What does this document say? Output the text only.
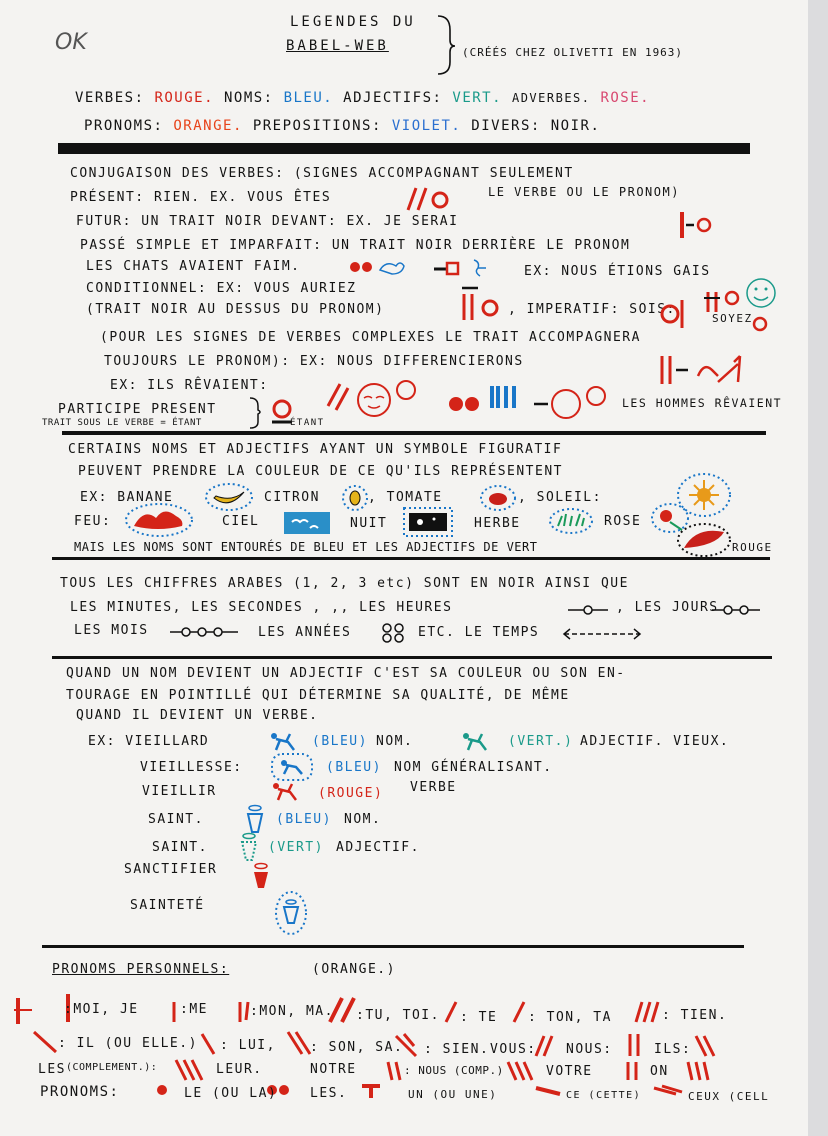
OK
LEGENDES DU
BABEL-WEB	(CRÉÉS CHEZ OLIVETTI EN 1963)
VERBES: ROUGE. NOMS: BLEU. ADJECTIFS: VERT. ADVERBES. ROSE.
PRONOMS: ORANGE. PREPOSITIONS: VIOLET. DIVERS: NOIR.
CONJUGAISON DES VERBES: (SIGNES ACCOMPAGNANT SEULEMENT
PRÉSENT: RIEN. EX. VOUS ÊTES	LE VERBE OU LE PRONOM)
FUTUR: UN TRAIT NOIR DEVANT: EX. JE SERAI
PASSÉ SIMPLE ET IMPARFAIT: UN TRAIT NOIR DERRIÈRE LE PRONOM
LES CHATS AVAIENT FAIM.	EX: NOUS ÉTIONS GAIS
CONDITIONNEL: EX: VOUS AURIEZ
(TRAIT NOIR AU DESSUS DU PRONOM)	, IMPERATIF: SOIS:
SOYEZ
(POUR LES SIGNES DE VERBES COMPLEXES LE TRAIT ACCOMPAGNERA
TOUJOURS LE PRONOM): EX: NOUS DIFFERENCIERONS
EX: ILS RÊVAIENT:
LES HOMMES RÊVAIENT
PARTICIPE PRESENT
TRAIT SOUS LE VERBE = ÉTANT	ÉTANT
CERTAINS NOMS ET ADJECTIFS AYANT UN SYMBOLE FIGURATIF
PEUVENT PRENDRE LA COULEUR DE CE QU'ILS REPRÉSENTENT
EX: BANANE	CITRON	, TOMATE	, SOLEIL:
FEU:	CIEL	NUIT	HERBE	ROSE
ROUGE
MAIS LES NOMS SONT ENTOURÉS DE BLEU ET LES ADJECTIFS DE VERT
TOUS LES CHIFFRES ARABES (1, 2, 3 etc) SONT EN NOIR AINSI QUE
LES MINUTES, LES SECONDES , ,, LES HEURES	, LES JOURS
LES MOIS	LES ANNÉES	ETC. LE TEMPS
QUAND UN NOM DEVIENT UN ADJECTIF C'EST SA COULEUR OU SON EN-
TOURAGE EN POINTILLÉ QUI DÉTERMINE SA QUALITÉ, DE MÊME
QUAND IL DEVIENT UN VERBE.
EX: VIEILLARD	(BLEU) NOM.	(VERT.) ADJECTIF. VIEUX.
VIEILLESSE:	(BLEU) NOM GÉNÉRALISANT.
VIEILLIR	(ROUGE) VERBE
SAINT.	(BLEU) NOM.
SAINT.	(VERT) ADJECTIF.
SANCTIFIER
SAINTETÉ
PRONOMS PERSONNELS:	(ORANGE.)
:MOI, JE	:ME	:MON, MA. :TU, TOI. : TE : TON, TA	: TIEN.
: IL (OU ELLE.) : LUI,	: SON, SA. : SIEN. VOUS: NOUS:	ILS:
LES (COMPLEMENT.):	LEUR.	NOTRE	: NOUS (COMP.)	VOTRE	ON
PRONOMS:	LE (OU LA)	LES.	UN (OU UNE)	CE (CETTE)	CEUX (CELL
